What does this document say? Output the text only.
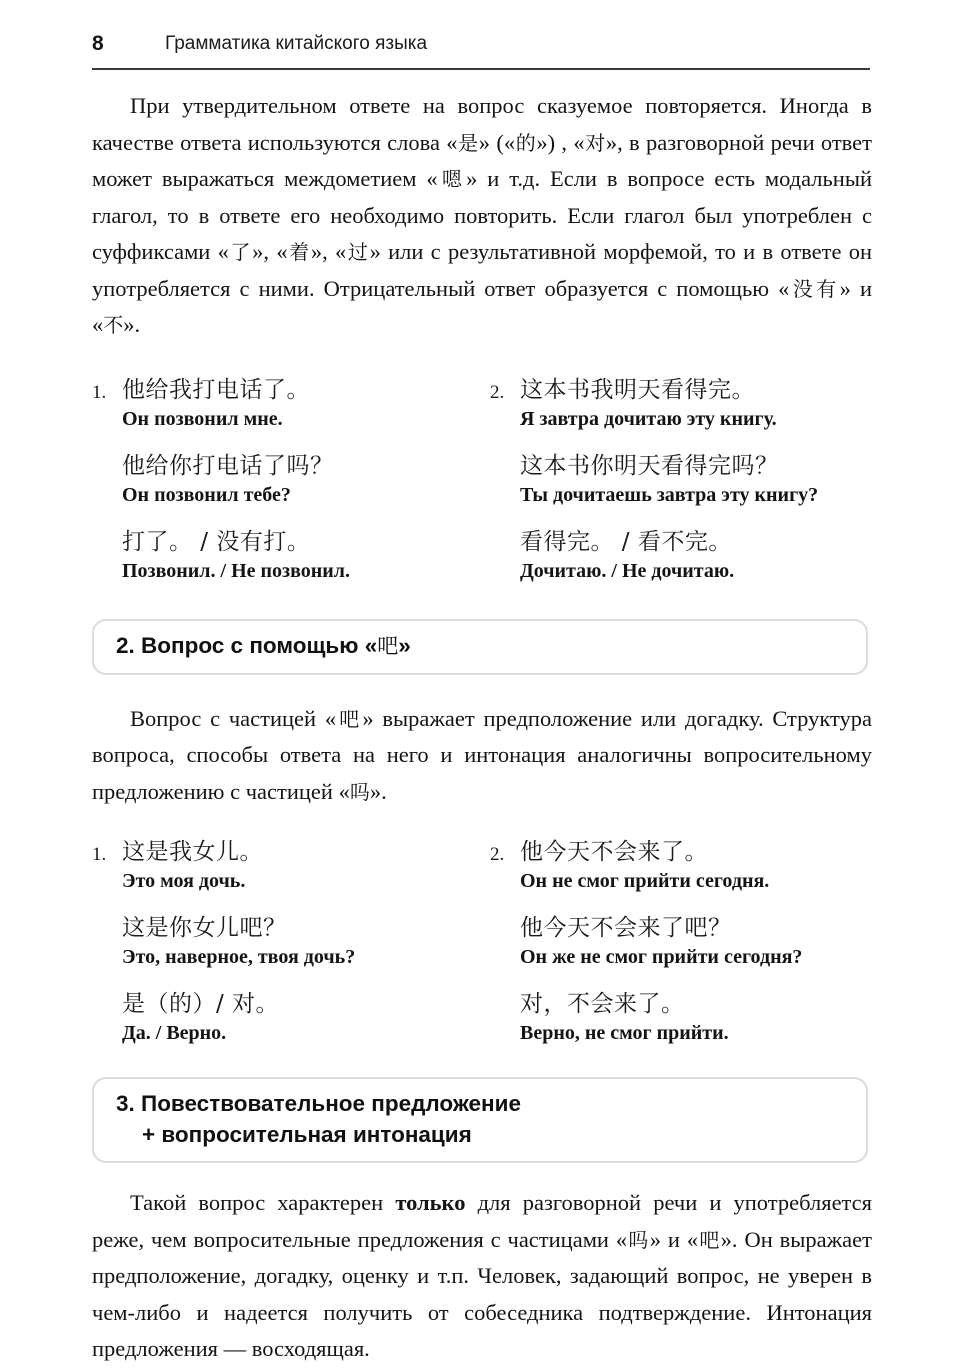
8	Грамматика китайского языка

При утвердительном ответе на вопрос сказуемое повторяется. Иногда в качестве ответа используются слова «是» («的») , «对», в разговорной речи ответ может выражаться междометием «嗯» и т.д. Если в вопросе есть модальный глагол, то в ответе его необходимо повторить. Если глагол был употреблен с суффиксами «了», «着», «过» или с результативной морфемой, то и в ответе он употребляется с ними. Отрицательный ответ образуется с помощью «没有» и «不».

1. 他给我打电话了。
Он позвонил мне.
他给你打电话了吗？
Он позвонил тебе?
打了。 / 没有打。
Позвонил. / Не позвонил.
2. 这本书我明天看得完。
Я завтра дочитаю эту книгу.
这本书你明天看得完吗？
Ты дочитаешь завтра эту книгу?
看得完。 / 看不完。
Дочитаю. / Не дочитаю.
2. Вопрос с помощью «吧»

Вопрос с частицей «吧» выражает предположение или догадку. Структура вопроса, способы ответа на него и интонация аналогичны вопросительному предложению с частицей «吗».

1. 这是我女儿。
Это моя дочь.
这是你女儿吧？
Это, наверное, твоя дочь?
是（的）/ 对。
Да. / Верно.
2. 他今天不会来了。
Он не смог прийти сегодня.
他今天不会来了吧？
Он же не смог прийти сегодня?
对，不会来了。
Верно, не смог прийти.
3. Повествовательное предложение
+ вопросительная интонация

Такой вопрос характерен только для разговорной речи и употребляется реже, чем вопросительные предложения с частицами «吗» и «吧». Он выражает предположение, догадку, оценку и т.п. Человек, задающий вопрос, не уверен в чем-либо и надеется получить от собеседника подтверждение. Интонация предложения — восходящая.
